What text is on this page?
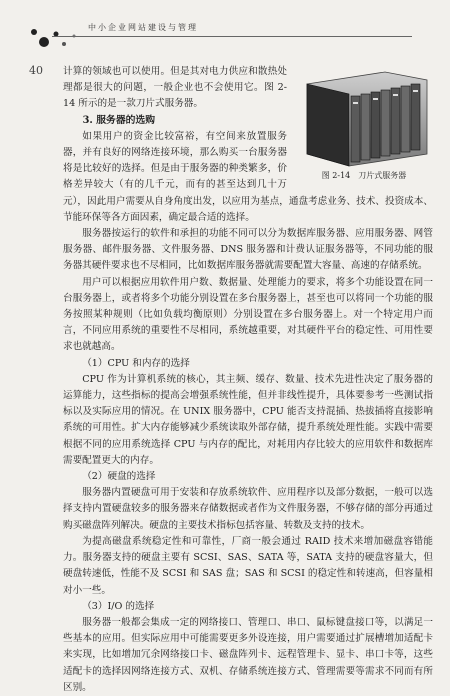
中小企业网站建设与管理
40
图 2-14　刀片式服务器

计算的领域也可以使用。但是其对电力供应和散热处理都是很大的问题，一般企业也不会使用它。图 2-14 所示的是一款刀片式服务器。

3. 服务器的选购

如果用户的资金比较富裕，有空间来放置服务器，并有良好的网络连接环境，那么购买一台服务器将是比较好的选择。但是由于服务器的种类繁多，价格差异较大（有的几千元，而有的甚至达到几十万元），因此用户需要从自身角度出发，以应用为基点，通盘考虑业务、技术、投资成本、节能环保等各方面因素，确定最合适的选择。

服务器按运行的软件和承担的功能不同可以分为数据库服务器、应用服务器、网管服务器、邮件服务器、文件服务器、DNS 服务器和计费认证服务器等，不同功能的服务器其硬件要求也不尽相同，比如数据库服务器就需要配置大容量、高速的存储系统。

用户可以根据应用软件用户数、数据量、处理能力的要求，将多个功能设置在同一台服务器上，或者将多个功能分别设置在多台服务器上，甚至也可以将同一个功能的服务按照某种规则（比如负载均衡原则）分别设置在多台服务器上。对一个特定用户而言，不同应用系统的重要性不尽相同，系统越重要，对其硬件平台的稳定性、可用性要求也就越高。

（1）CPU 和内存的选择

CPU 作为计算机系统的核心，其主频、缓存、数量、技术先进性决定了服务器的运算能力，这些指标的提高会增强系统性能，但并非线性提升，具体要参考一些测试指标以及实际应用的情况。在 UNIX 服务器中，CPU 能否支持混插、热拔插将直接影响系统的可用性。扩大内存能够减少系统读取外部存储，提升系统处理性能。实践中需要根据不同的应用系统选择 CPU 与内存的配比，对耗用内存比较大的应用软件和数据库需要配置更大的内存。

（2）硬盘的选择

服务器内置硬盘可用于安装和存放系统软件、应用程序以及部分数据，一般可以选择支持内置硬盘较多的服务器来存储数据或者作为文件服务器，不够存储的部分再通过购买磁盘阵列解决。硬盘的主要技术指标包括容量、转数及支持的技术。

为提高磁盘系统稳定性和可靠性，厂商一般会通过 RAID 技术来增加磁盘容错能力。服务器支持的硬盘主要有 SCSI、SAS、SATA 等，SATA 支持的硬盘容量大，但硬盘转速低，性能不及 SCSI 和 SAS 盘；SAS 和 SCSI 的稳定性和转速高，但容量相对小一些。

（3）I/O 的选择

服务器一般都会集成一定的网络接口、管理口、串口、鼠标键盘接口等，以满足一些基本的应用。但实际应用中可能需要更多外设连接，用户需要通过扩展槽增加适配卡来实现，比如增加冗余网络接口卡、磁盘阵列卡、远程管理卡、显卡、串口卡等，这些适配卡的选择因网络连接方式、双机、存储系统连接方式、管理需要等需求不同而有所区别。
